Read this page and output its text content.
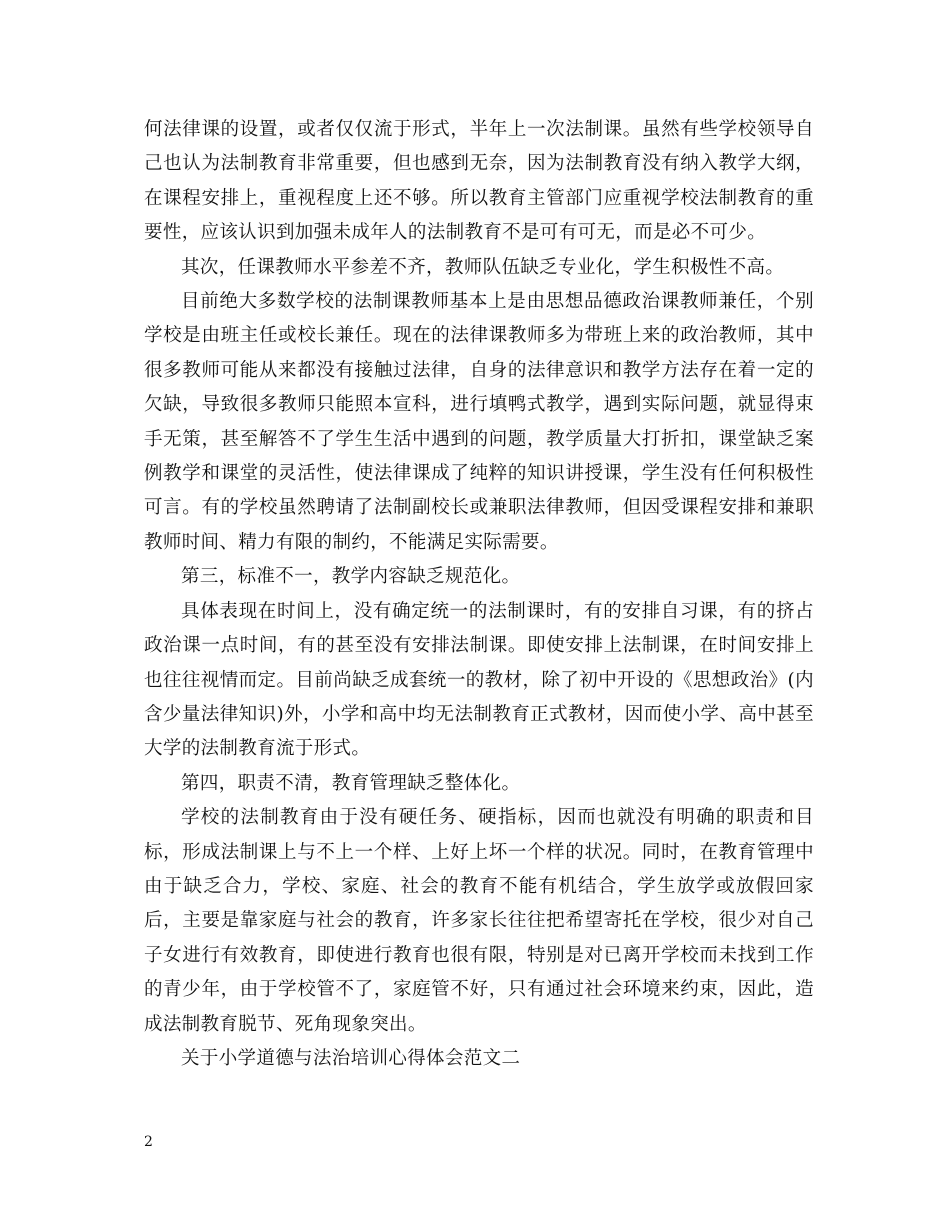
何法律课的设置，或者仅仅流于形式，半年上一次法制课。虽然有些学校领导自己也认为法制教育非常重要，但也感到无奈，因为法制教育没有纳入教学大纲，在课程安排上，重视程度上还不够。所以教育主管部门应重视学校法制教育的重要性，应该认识到加强未成年人的法制教育不是可有可无，而是必不可少。

其次，任课教师水平参差不齐，教师队伍缺乏专业化，学生积极性不高。

目前绝大多数学校的法制课教师基本上是由思想品德政治课教师兼任，个别学校是由班主任或校长兼任。现在的法律课教师多为带班上来的政治教师，其中很多教师可能从来都没有接触过法律，自身的法律意识和教学方法存在着一定的欠缺，导致很多教师只能照本宣科，进行填鸭式教学，遇到实际问题，就显得束手无策，甚至解答不了学生生活中遇到的问题，教学质量大打折扣，课堂缺乏案例教学和课堂的灵活性，使法律课成了纯粹的知识讲授课，学生没有任何积极性可言。有的学校虽然聘请了法制副校长或兼职法律教师，但因受课程安排和兼职教师时间、精力有限的制约，不能满足实际需要。

第三，标准不一，教学内容缺乏规范化。

具体表现在时间上，没有确定统一的法制课时，有的安排自习课，有的挤占政治课一点时间，有的甚至没有安排法制课。即使安排上法制课，在时间安排上也往往视情而定。目前尚缺乏成套统一的教材，除了初中开设的《思想政治》(内含少量法律知识)外，小学和高中均无法制教育正式教材，因而使小学、高中甚至大学的法制教育流于形式。

第四，职责不清，教育管理缺乏整体化。

学校的法制教育由于没有硬任务、硬指标，因而也就没有明确的职责和目标，形成法制课上与不上一个样、上好上坏一个样的状况。同时，在教育管理中由于缺乏合力，学校、家庭、社会的教育不能有机结合，学生放学或放假回家后，主要是靠家庭与社会的教育，许多家长往往把希望寄托在学校，很少对自己子女进行有效教育，即使进行教育也很有限，特别是对已离开学校而未找到工作的青少年，由于学校管不了，家庭管不好，只有通过社会环境来约束，因此，造成法制教育脱节、死角现象突出。

关于小学道德与法治培训心得体会范文二

2
